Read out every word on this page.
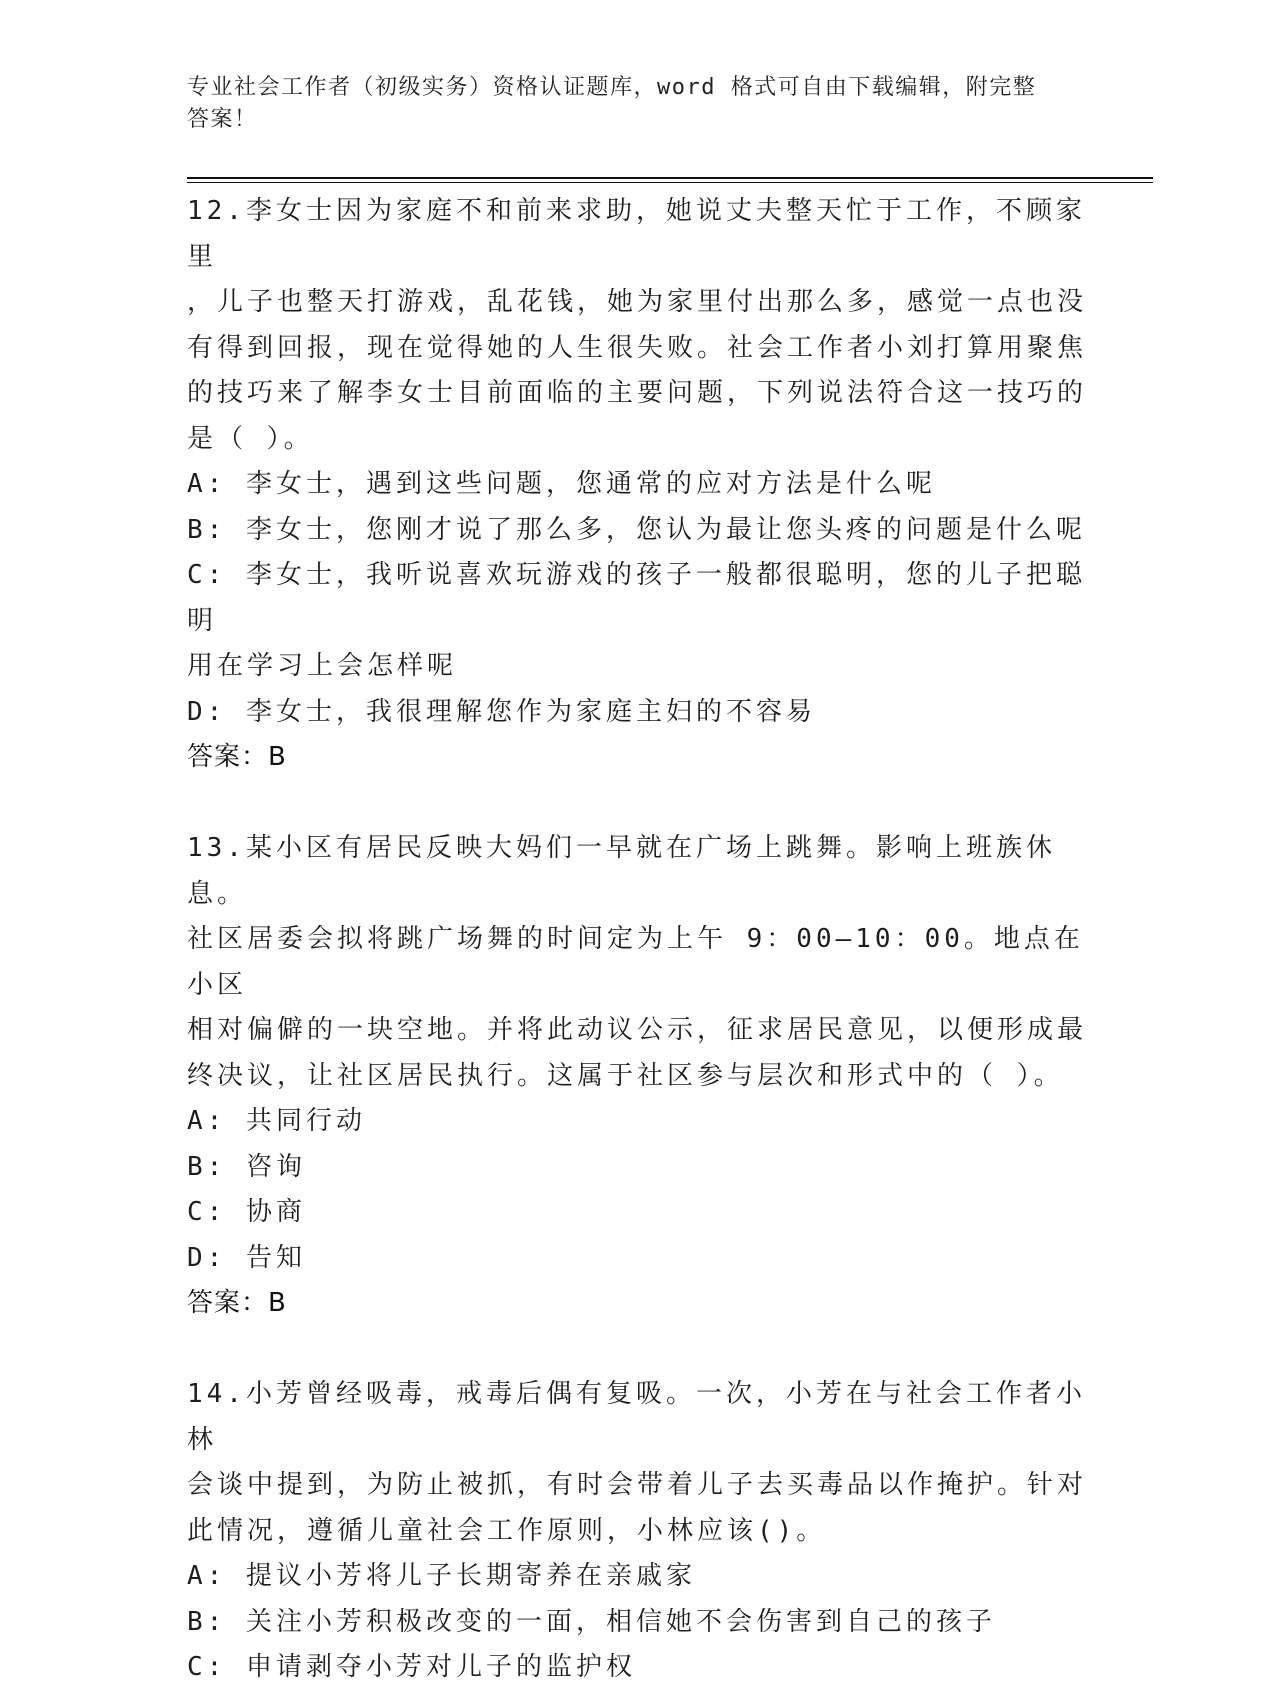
专业社会工作者（初级实务）资格认证题库，word 格式可自由下载编辑，附完整
答案！
12.李女士因为家庭不和前来求助，她说丈夫整天忙于工作，不顾家里
，儿子也整天打游戏，乱花钱，她为家里付出那么多，感觉一点也没
有得到回报，现在觉得她的人生很失败。社会工作者小刘打算用聚焦
的技巧来了解李女士目前面临的主要问题，下列说法符合这一技巧的
是（ ）。
A: 李女士，遇到这些问题，您通常的应对方法是什么呢
B: 李女士，您刚才说了那么多，您认为最让您头疼的问题是什么呢
C: 李女士，我听说喜欢玩游戏的孩子一般都很聪明，您的儿子把聪明
用在学习上会怎样呢
D: 李女士，我很理解您作为家庭主妇的不容易
答案：B
13.某小区有居民反映大妈们一早就在广场上跳舞。影响上班族休息。
社区居委会拟将跳广场舞的时间定为上午 9：00—10：00。地点在小区
相对偏僻的一块空地。并将此动议公示，征求居民意见，以便形成最
终决议，让社区居民执行。这属于社区参与层次和形式中的（ ）。
A: 共同行动
B: 咨询
C: 协商
D: 告知
答案：B
14.小芳曾经吸毒，戒毒后偶有复吸。一次，小芳在与社会工作者小林
会谈中提到，为防止被抓，有时会带着儿子去买毒品以作掩护。针对
此情况，遵循儿童社会工作原则，小林应该()。
A: 提议小芳将儿子长期寄养在亲戚家
B: 关注小芳积极改变的一面，相信她不会伤害到自己的孩子
C: 申请剥夺小芳对儿子的监护权
